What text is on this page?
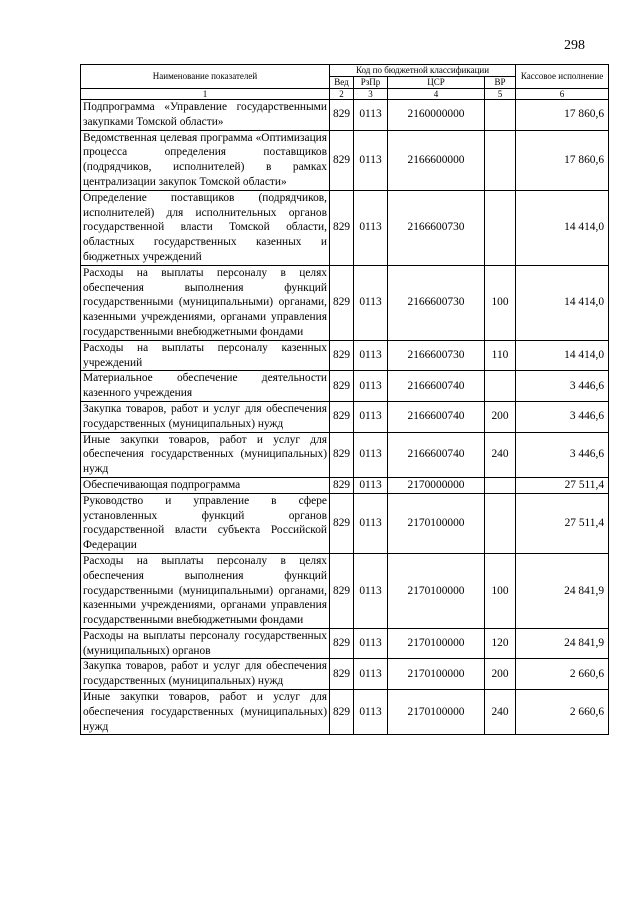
298
Наименование показателей	Код по бюджетной классификации				Кассовое исполнение
	Вед	РзПр	ЦСР	ВР	
1	2	3	4	5	6
Подпрограмма «Управление государственными закупками Томской области»	829	0113	2160000000		17 860,6
Ведомственная целевая программа «Оптимизация процесса определения поставщиков (подрядчиков, исполнителей) в рамках централизации закупок Томской области»	829	0113	2166600000		17 860,6
Определение поставщиков (подрядчиков, исполнителей) для исполнительных органов государственной власти Томской области, областных государственных казенных и бюджетных учреждений	829	0113	2166600730		14 414,0
Расходы на выплаты персоналу в целях обеспечения выполнения функций государственными (муниципальными) органами, казенными учреждениями, органами управления государственными внебюджетными фондами	829	0113	2166600730	100	14 414,0
Расходы на выплаты персоналу казенных учреждений	829	0113	2166600730	110	14 414,0
Материальное обеспечение деятельности казенного учреждения	829	0113	2166600740		3 446,6
Закупка товаров, работ и услуг для обеспечения государственных (муниципальных) нужд	829	0113	2166600740	200	3 446,6
Иные закупки товаров, работ и услуг для обеспечения государственных (муниципальных) нужд	829	0113	2166600740	240	3 446,6
Обеспечивающая подпрограмма	829	0113	2170000000		27 511,4
Руководство и управление в сфере установленных функций органов государственной власти субъекта Российской Федерации	829	0113	2170100000		27 511,4
Расходы на выплаты персоналу в целях обеспечения выполнения функций государственными (муниципальными) органами, казенными учреждениями, органами управления государственными внебюджетными фондами	829	0113	2170100000	100	24 841,9
Расходы на выплаты персоналу государственных (муниципальных) органов	829	0113	2170100000	120	24 841,9
Закупка товаров, работ и услуг для обеспечения государственных (муниципальных) нужд	829	0113	2170100000	200	2 660,6
Иные закупки товаров, работ и услуг для обеспечения государственных (муниципальных) нужд	829	0113	2170100000	240	2 660,6
